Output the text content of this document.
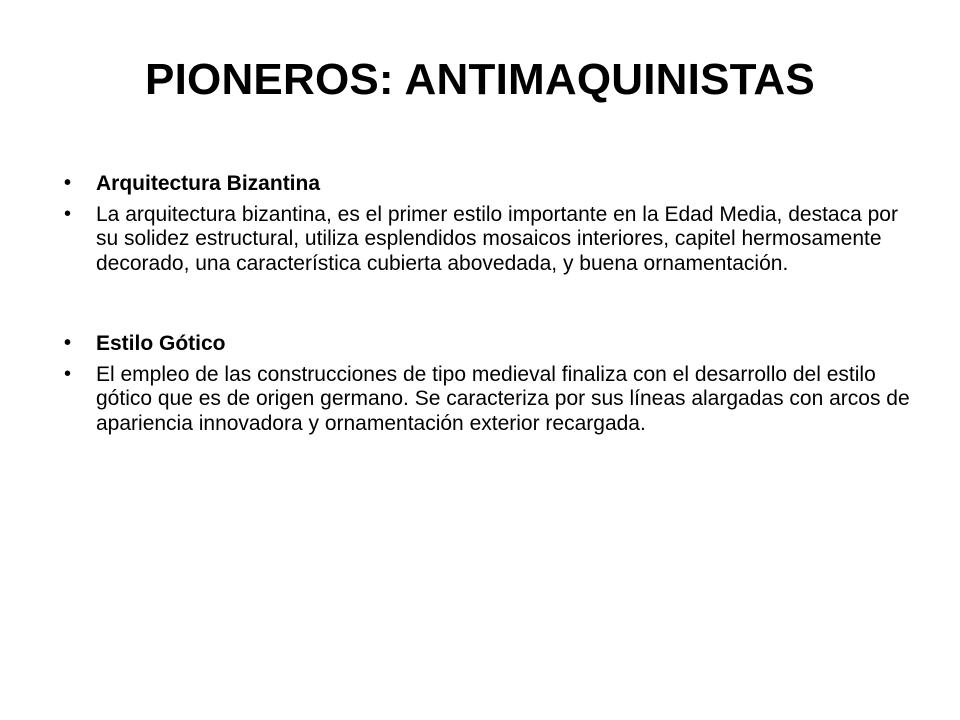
PIONEROS: ANTIMAQUINISTAS
• Arquitectura Bizantina
• La arquitectura bizantina, es el primer estilo importante en la Edad Media, destaca por su solidez estructural, utiliza esplendidos mosaicos interiores, capitel hermosamente decorado, una característica cubierta abovedada, y buena ornamentación.
• Estilo Gótico
• El empleo de las construcciones de tipo medieval finaliza con el desarrollo del estilo gótico que es de origen germano. Se caracteriza por sus líneas alargadas con arcos de apariencia innovadora y ornamentación exterior recargada.
